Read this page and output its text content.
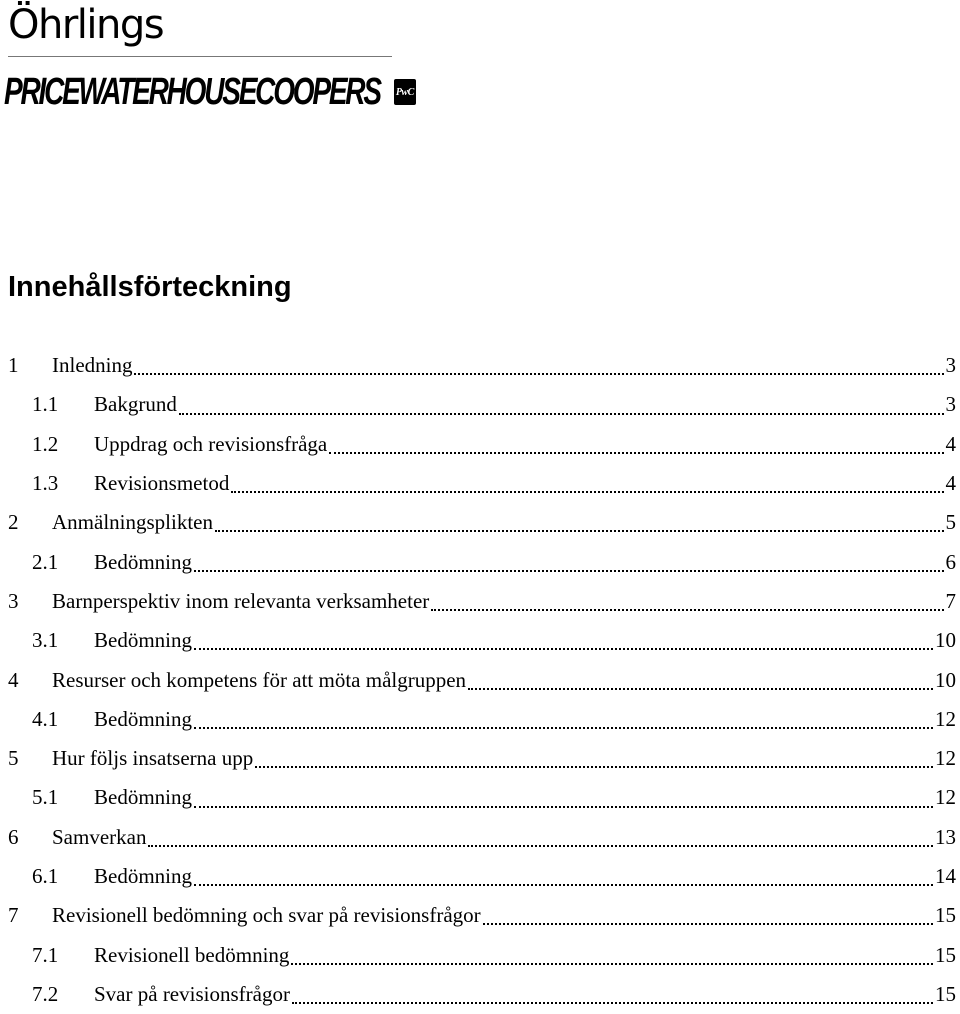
Öhrlings
PRICEWATERHOUSECOOPERS PwC
Innehållsförteckning
1	Inledning	3
1.1	Bakgrund	3
1.2	Uppdrag och revisionsfråga	4
1.3	Revisionsmetod	4
2	Anmälningsplikten	5
2.1	Bedömning	6
3	Barnperspektiv inom relevanta verksamheter	7
3.1	Bedömning	10
4	Resurser och kompetens för att möta målgruppen	10
4.1	Bedömning	12
5	Hur följs insatserna upp	12
5.1	Bedömning	12
6	Samverkan	13
6.1	Bedömning	14
7	Revisionell bedömning och svar på revisionsfrågor	15
7.1	Revisionell bedömning	15
7.2	Svar på revisionsfrågor	15
